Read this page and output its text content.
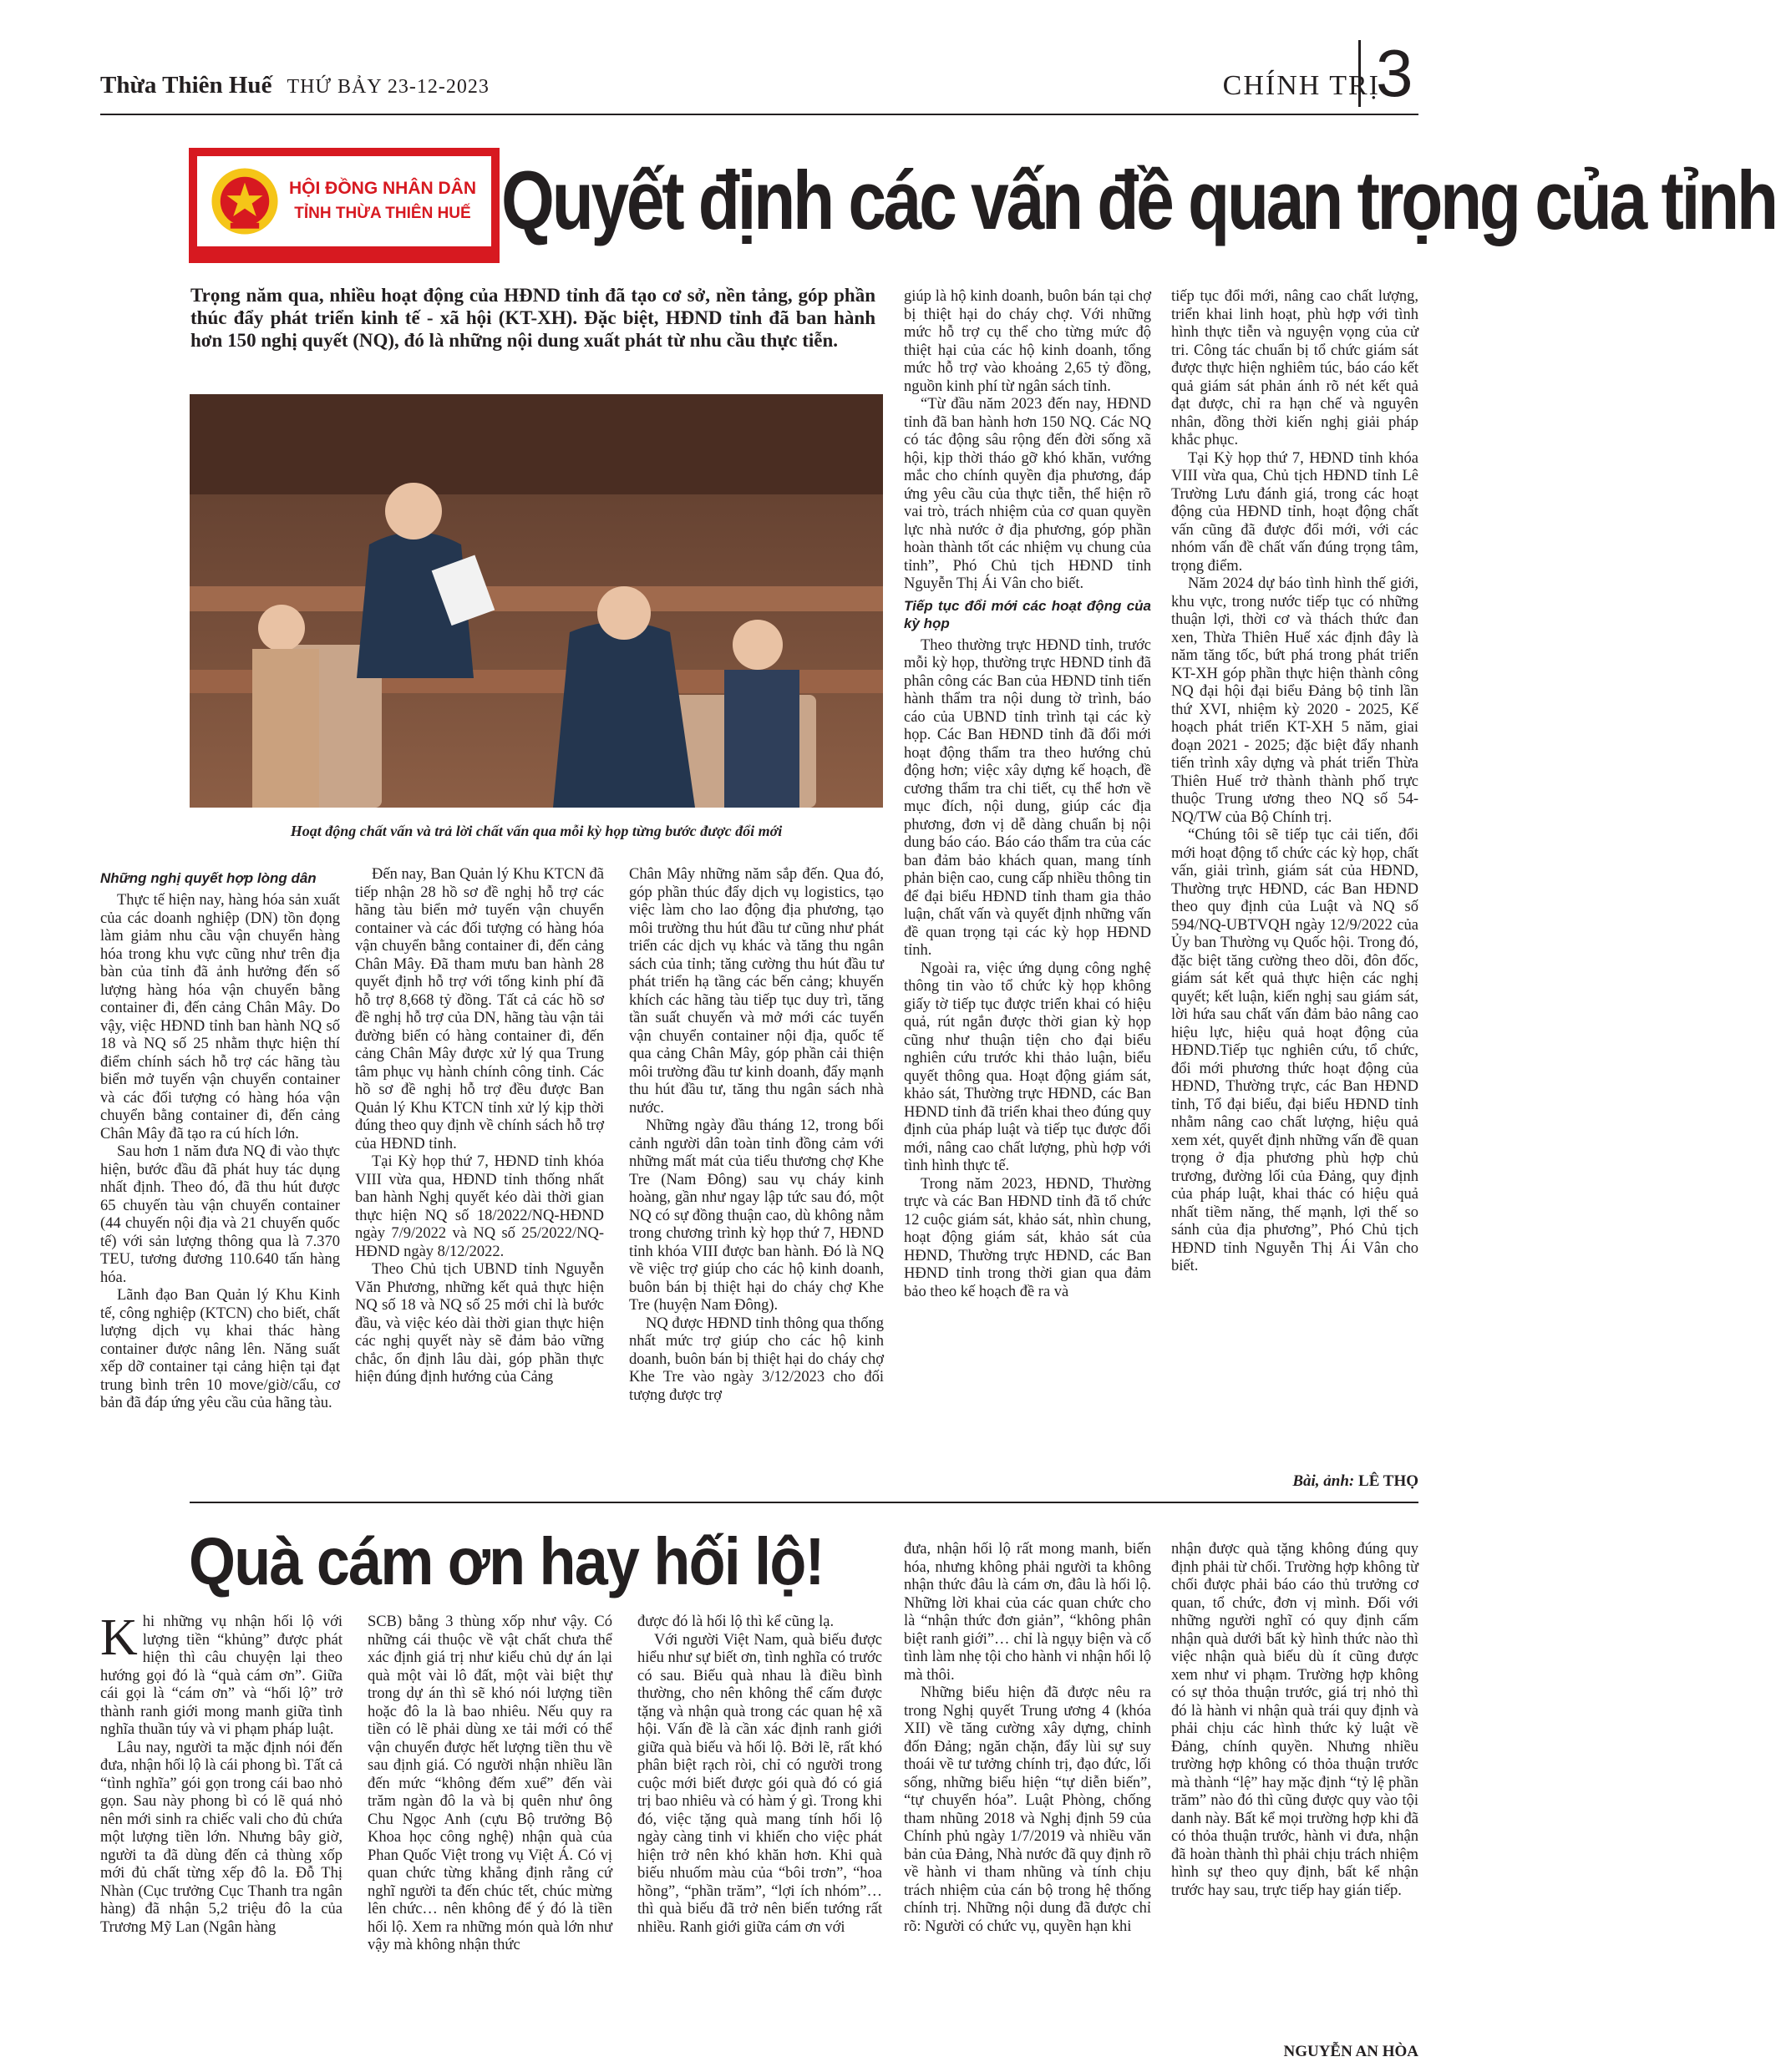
Thừa Thiên Huế THỨ BẢY 23-12-2023	CHÍNH TRỊ
3
HỘI ĐỒNG NHÂN DÂN
TỈNH THỪA THIÊN HUẾ Quyết định các vấn đề quan trọng của tỉnh
Trọng năm qua, nhiều hoạt động của HĐND tỉnh đã tạo cơ sở, nền tảng, góp phần thúc đẩy phát triển kinh tế - xã hội (KT-XH). Đặc biệt, HĐND tỉnh đã ban hành hơn 150 nghị quyết (NQ), đó là những nội dung xuất phát từ nhu cầu thực tiễn.
Hoạt động chất vấn và trả lời chất vấn qua mỗi kỳ họp từng bước được đổi mới
Những nghị quyết hợp lòng dân

Thực tế hiện nay, hàng hóa sản xuất của các doanh nghiệp (DN) tồn đọng làm giảm nhu cầu vận chuyển hàng hóa trong khu vực cũng như trên địa bàn của tỉnh đã ảnh hưởng đến số lượng hàng hóa vận chuyển bằng container đi, đến cảng Chân Mây. Do vậy, việc HĐND tỉnh ban hành NQ số 18 và NQ số 25 nhằm thực hiện thí điểm chính sách hỗ trợ các hãng tàu biển mở tuyến vận chuyển container và các đối tượng có hàng hóa vận chuyển bằng container đi, đến cảng Chân Mây đã tạo ra cú hích lớn.

Sau hơn 1 năm đưa NQ đi vào thực hiện, bước đầu đã phát huy tác dụng nhất định. Theo đó, đã thu hút được 65 chuyến tàu vận chuyển container (44 chuyến nội địa và 21 chuyến quốc tế) với sản lượng thông qua là 7.370 TEU, tương đương 110.640 tấn hàng hóa.

Lãnh đạo Ban Quản lý Khu Kinh tế, công nghiệp (KTCN) cho biết, chất lượng dịch vụ khai thác hàng container được nâng lên. Năng suất xếp dỡ container tại cảng hiện tại đạt trung bình trên 10 move/giờ/cẩu, cơ bản đã đáp ứng yêu cầu của hãng tàu.

Đến nay, Ban Quản lý Khu KTCN đã tiếp nhận 28 hồ sơ đề nghị hỗ trợ các hãng tàu biển mở tuyến vận chuyển container và các đối tượng có hàng hóa vận chuyển bằng container đi, đến cảng Chân Mây. Đã tham mưu ban hành 28 quyết định hỗ trợ với tổng kinh phí đã hỗ trợ 8,668 tỷ đồng. Tất cả các hồ sơ đề nghị hỗ trợ của DN, hãng tàu vận tải đường biển có hàng container đi, đến cảng Chân Mây được xử lý qua Trung tâm phục vụ hành chính công tỉnh. Các hồ sơ đề nghị hỗ trợ đều được Ban Quản lý Khu KTCN tỉnh xử lý kịp thời đúng theo quy định về chính sách hỗ trợ của HĐND tỉnh.

Tại Kỳ họp thứ 7, HĐND tỉnh khóa VIII vừa qua, HĐND tỉnh thống nhất ban hành Nghị quyết kéo dài thời gian thực hiện NQ số 18/2022/NQ-HĐND ngày 7/9/2022 và NQ số 25/2022/NQ-HĐND ngày 8/12/2022.

Theo Chủ tịch UBND tỉnh Nguyễn Văn Phương, những kết quả thực hiện NQ số 18 và NQ số 25 mới chỉ là bước đầu, và việc kéo dài thời gian thực hiện các nghị quyết này sẽ đảm bảo vững chắc, ổn định lâu dài, góp phần thực hiện đúng định hướng của Cảng

Chân Mây những năm sắp đến. Qua đó, góp phần thúc đẩy dịch vụ logistics, tạo việc làm cho lao động địa phương, tạo môi trường thu hút đầu tư cũng như phát triển các dịch vụ khác và tăng thu ngân sách của tỉnh; tăng cường thu hút đầu tư phát triển hạ tầng các bến cảng; khuyến khích các hãng tàu tiếp tục duy trì, tăng tần suất chuyến và mở mới các tuyến vận chuyển container nội địa, quốc tế qua cảng Chân Mây, góp phần cải thiện môi trường đầu tư kinh doanh, đẩy mạnh thu hút đầu tư, tăng thu ngân sách nhà nước.

Những ngày đầu tháng 12, trong bối cảnh người dân toàn tỉnh đồng cảm với những mất mát của tiểu thương chợ Khe Tre (Nam Đông) sau vụ cháy kinh hoàng, gần như ngay lập tức sau đó, một NQ có sự đồng thuận cao, dù không nằm trong chương trình kỳ họp thứ 7, HĐND tỉnh khóa VIII được ban hành. Đó là NQ về việc trợ giúp cho các hộ kinh doanh, buôn bán bị thiệt hại do cháy chợ Khe Tre (huyện Nam Đông).

NQ được HĐND tỉnh thông qua thống nhất mức trợ giúp cho các hộ kinh doanh, buôn bán bị thiệt hại do cháy chợ Khe Tre vào ngày 3/12/2023 cho đối tượng được trợ

giúp là hộ kinh doanh, buôn bán tại chợ bị thiệt hại do cháy chợ. Với những mức hỗ trợ cụ thể cho từng mức độ thiệt hại của các hộ kinh doanh, tổng mức hỗ trợ vào khoảng 2,65 tỷ đồng, nguồn kinh phí từ ngân sách tỉnh.

“Từ đầu năm 2023 đến nay, HĐND tỉnh đã ban hành hơn 150 NQ. Các NQ có tác động sâu rộng đến đời sống xã hội, kịp thời tháo gỡ khó khăn, vướng mắc cho chính quyền địa phương, đáp ứng yêu cầu của thực tiễn, thể hiện rõ vai trò, trách nhiệm của cơ quan quyền lực nhà nước ở địa phương, góp phần hoàn thành tốt các nhiệm vụ chung của tỉnh”, Phó Chủ tịch HĐND tỉnh Nguyễn Thị Ái Vân cho biết.

Tiếp tục đổi mới các hoạt động của kỳ họp

Theo thường trực HĐND tỉnh, trước mỗi kỳ họp, thường trực HĐND tỉnh đã phân công các Ban của HĐND tỉnh tiến hành thẩm tra nội dung tờ trình, báo cáo của UBND tỉnh trình tại các kỳ họp. Các Ban HĐND tỉnh đã đổi mới hoạt động thẩm tra theo hướng chủ động hơn; việc xây dựng kế hoạch, đề cương thẩm tra chi tiết, cụ thể hơn về mục đích, nội dung, giúp các địa phương, đơn vị dễ dàng chuẩn bị nội dung báo cáo. Báo cáo thẩm tra của các ban đảm bảo khách quan, mang tính phản biện cao, cung cấp nhiều thông tin để đại biểu HĐND tỉnh tham gia thảo luận, chất vấn và quyết định những vấn đề quan trọng tại các kỳ họp HĐND tỉnh.

Ngoài ra, việc ứng dụng công nghệ thông tin vào tổ chức kỳ họp không giấy tờ tiếp tục được triển khai có hiệu quả, rút ngắn được thời gian kỳ họp cũng như thuận tiện cho đại biểu nghiên cứu trước khi thảo luận, biểu quyết thông qua. Hoạt động giám sát, khảo sát, Thường trực HĐND, các Ban HĐND tỉnh đã triển khai theo đúng quy định của pháp luật và tiếp tục được đổi mới, nâng cao chất lượng, phù hợp với tình hình thực tế.

Trong năm 2023, HĐND, Thường trực và các Ban HĐND tỉnh đã tổ chức 12 cuộc giám sát, khảo sát, nhìn chung, hoạt động giám sát, khảo sát của HĐND, Thường trực HĐND, các Ban HĐND tỉnh trong thời gian qua đảm bảo theo kế hoạch đề ra và

tiếp tục đổi mới, nâng cao chất lượng, triển khai linh hoạt, phù hợp với tình hình thực tiễn và nguyện vọng của cử tri. Công tác chuẩn bị tổ chức giám sát được thực hiện nghiêm túc, báo cáo kết quả giám sát phản ánh rõ nét kết quả đạt được, chỉ ra hạn chế và nguyên nhân, đồng thời kiến nghị giải pháp khắc phục.

Tại Kỳ họp thứ 7, HĐND tỉnh khóa VIII vừa qua, Chủ tịch HĐND tỉnh Lê Trường Lưu đánh giá, trong các hoạt động của HĐND tỉnh, hoạt động chất vấn cũng đã được đổi mới, với các nhóm vấn đề chất vấn đúng trọng tâm, trọng điểm.

Năm 2024 dự báo tình hình thế giới, khu vực, trong nước tiếp tục có những thuận lợi, thời cơ và thách thức đan xen, Thừa Thiên Huế xác định đây là năm tăng tốc, bứt phá trong phát triển KT-XH góp phần thực hiện thành công NQ đại hội đại biểu Đảng bộ tỉnh lần thứ XVI, nhiệm kỳ 2020 - 2025, Kế hoạch phát triển KT-XH 5 năm, giai đoạn 2021 - 2025; đặc biệt đẩy nhanh tiến trình xây dựng và phát triển Thừa Thiên Huế trở thành thành phố trực thuộc Trung ương theo NQ số 54-NQ/TW của Bộ Chính trị.

“Chúng tôi sẽ tiếp tục cải tiến, đổi mới hoạt động tổ chức các kỳ họp, chất vấn, giải trình, giám sát của HĐND, Thường trực HĐND, các Ban HĐND theo quy định của Luật và NQ số 594/NQ-UBTVQH ngày 12/9/2022 của Ủy ban Thường vụ Quốc hội. Trong đó, đặc biệt tăng cường theo dõi, đôn đốc, giám sát kết quả thực hiện các nghị quyết; kết luận, kiến nghị sau giám sát, lời hứa sau chất vấn đảm bảo nâng cao hiệu lực, hiệu quả hoạt động của HĐND.Tiếp tục nghiên cứu, tổ chức, đổi mới phương thức hoạt động của HĐND, Thường trực, các Ban HĐND tỉnh, Tổ đại biểu, đại biểu HĐND tỉnh nhằm nâng cao chất lượng, hiệu quả xem xét, quyết định những vấn đề quan trọng ở địa phương phù hợp chủ trương, đường lối của Đảng, quy định của pháp luật, khai thác có hiệu quả nhất tiềm năng, thế mạnh, lợi thế so sánh của địa phương”, Phó Chủ tịch HĐND tỉnh Nguyễn Thị Ái Vân cho biết.

Bài, ảnh: LÊ THỌ
Quà cám ơn hay hối lộ!
K hi những vụ nhận hối lộ với lượng tiền “khủng” được phát hiện thì câu chuyện lại theo hướng gọi đó là “quà cám ơn”. Giữa cái gọi là “cám ơn” và “hối lộ” trở thành ranh giới mong manh giữa tình nghĩa thuần túy và vi phạm pháp luật.

Lâu nay, người ta mặc định nói đến đưa, nhận hối lộ là cái phong bì. Tất cả “tình nghĩa” gói gọn trong cái bao nhỏ gọn. Sau này phong bì có lẽ quá nhỏ nên mới sinh ra chiếc vali cho đủ chứa một lượng tiền lớn. Nhưng bây giờ, người ta đã dùng đến cả thùng xốp mới đủ chất từng xếp đô la. Đỗ Thị Nhàn (Cục trưởng Cục Thanh tra ngân hàng) đã nhận 5,2 triệu đô la của Trương Mỹ Lan (Ngân hàng

SCB) bằng 3 thùng xốp như vậy. Có những cái thuộc về vật chất chưa thể xác định giá trị như kiểu chủ dự án lại quà một vài lô đất, một vài biệt thự trong dự án thì sẽ khó nói lượng tiền hoặc đô la là bao nhiêu. Nếu quy ra tiền có lẽ phải dùng xe tải mới có thể vận chuyển được hết lượng tiền thu về sau định giá. Có người nhận nhiều lần đến mức “không đếm xuể” đến vài trăm ngàn đô la và bị quên như ông Chu Ngọc Anh (cựu Bộ trưởng Bộ Khoa học công nghệ) nhận quà của Phan Quốc Việt trong vụ Việt Á. Có vị quan chức từng khẳng định rằng cứ nghĩ người ta đến chúc tết, chúc mừng lên chức… nên không để ý đó là tiền hối lộ. Xem ra những món quà lớn như vậy mà không nhận thức

được đó là hối lộ thì kể cũng lạ.

Với người Việt Nam, quà biếu được hiểu như sự biết ơn, tình nghĩa có trước có sau. Biếu quà nhau là điều bình thường, cho nên không thể cấm được tặng và nhận quà trong các quan hệ xã hội. Vấn đề là cần xác định ranh giới giữa quà biếu và hối lộ. Bởi lẽ, rất khó phân biệt rạch ròi, chỉ có người trong cuộc mới biết được gói quà đó có giá trị bao nhiêu và có hàm ý gì. Trong khi đó, việc tặng quà mang tính hối lộ ngày càng tinh vi khiến cho việc phát hiện trở nên khó khăn hơn. Khi quà biếu nhuốm màu của “bôi trơn”, “hoa hồng”, “phần trăm”, “lợi ích nhóm”… thì quà biếu đã trở nên biến tướng rất nhiều. Ranh giới giữa cám ơn với

đưa, nhận hối lộ rất mong manh, biến hóa, nhưng không phải người ta không nhận thức đâu là cám ơn, đâu là hối lộ. Những lời khai của các quan chức cho là “nhận thức đơn giản”, “không phân biệt ranh giới”… chỉ là ngụy biện và cố tình làm nhẹ tội cho hành vi nhận hối lộ mà thôi.

Những biểu hiện đã được nêu ra trong Nghị quyết Trung ương 4 (khóa XII) về tăng cường xây dựng, chỉnh đốn Đảng; ngăn chặn, đẩy lùi sự suy thoái về tư tưởng chính trị, đạo đức, lối sống, những biểu hiện “tự diễn biến”, “tự chuyển hóa”. Luật Phòng, chống tham nhũng 2018 và Nghị định 59 của Chính phủ ngày 1/7/2019 và nhiều văn bản của Đảng, Nhà nước đã quy định rõ về hành vi tham nhũng và tính chịu trách nhiệm của cán bộ trong hệ thống chính trị. Những nội dung đã được chỉ rõ: Người có chức vụ, quyền hạn khi

nhận được quà tặng không đúng quy định phải từ chối. Trường hợp không từ chối được phải báo cáo thủ trưởng cơ quan, tổ chức, đơn vị mình. Đối với những người nghĩ có quy định cấm nhận quà dưới bất kỳ hình thức nào thì việc nhận quà biếu dù ít cũng được xem như vi phạm. Trường hợp không có sự thỏa thuận trước, giá trị nhỏ thì đó là hành vi nhận quà trái quy định và phải chịu các hình thức kỷ luật về Đảng, chính quyền. Nhưng nhiều trường hợp không có thỏa thuận trước mà thành “lệ” hay mặc định “tỷ lệ phần trăm” nào đó thì cũng được quy vào tội danh này. Bất kể mọi trường hợp khi đã có thỏa thuận trước, hành vi đưa, nhận đã hoàn thành thì phải chịu trách nhiệm hình sự theo quy định, bất kể nhận trước hay sau, trực tiếp hay gián tiếp.

NGUYỄN AN HÒA
